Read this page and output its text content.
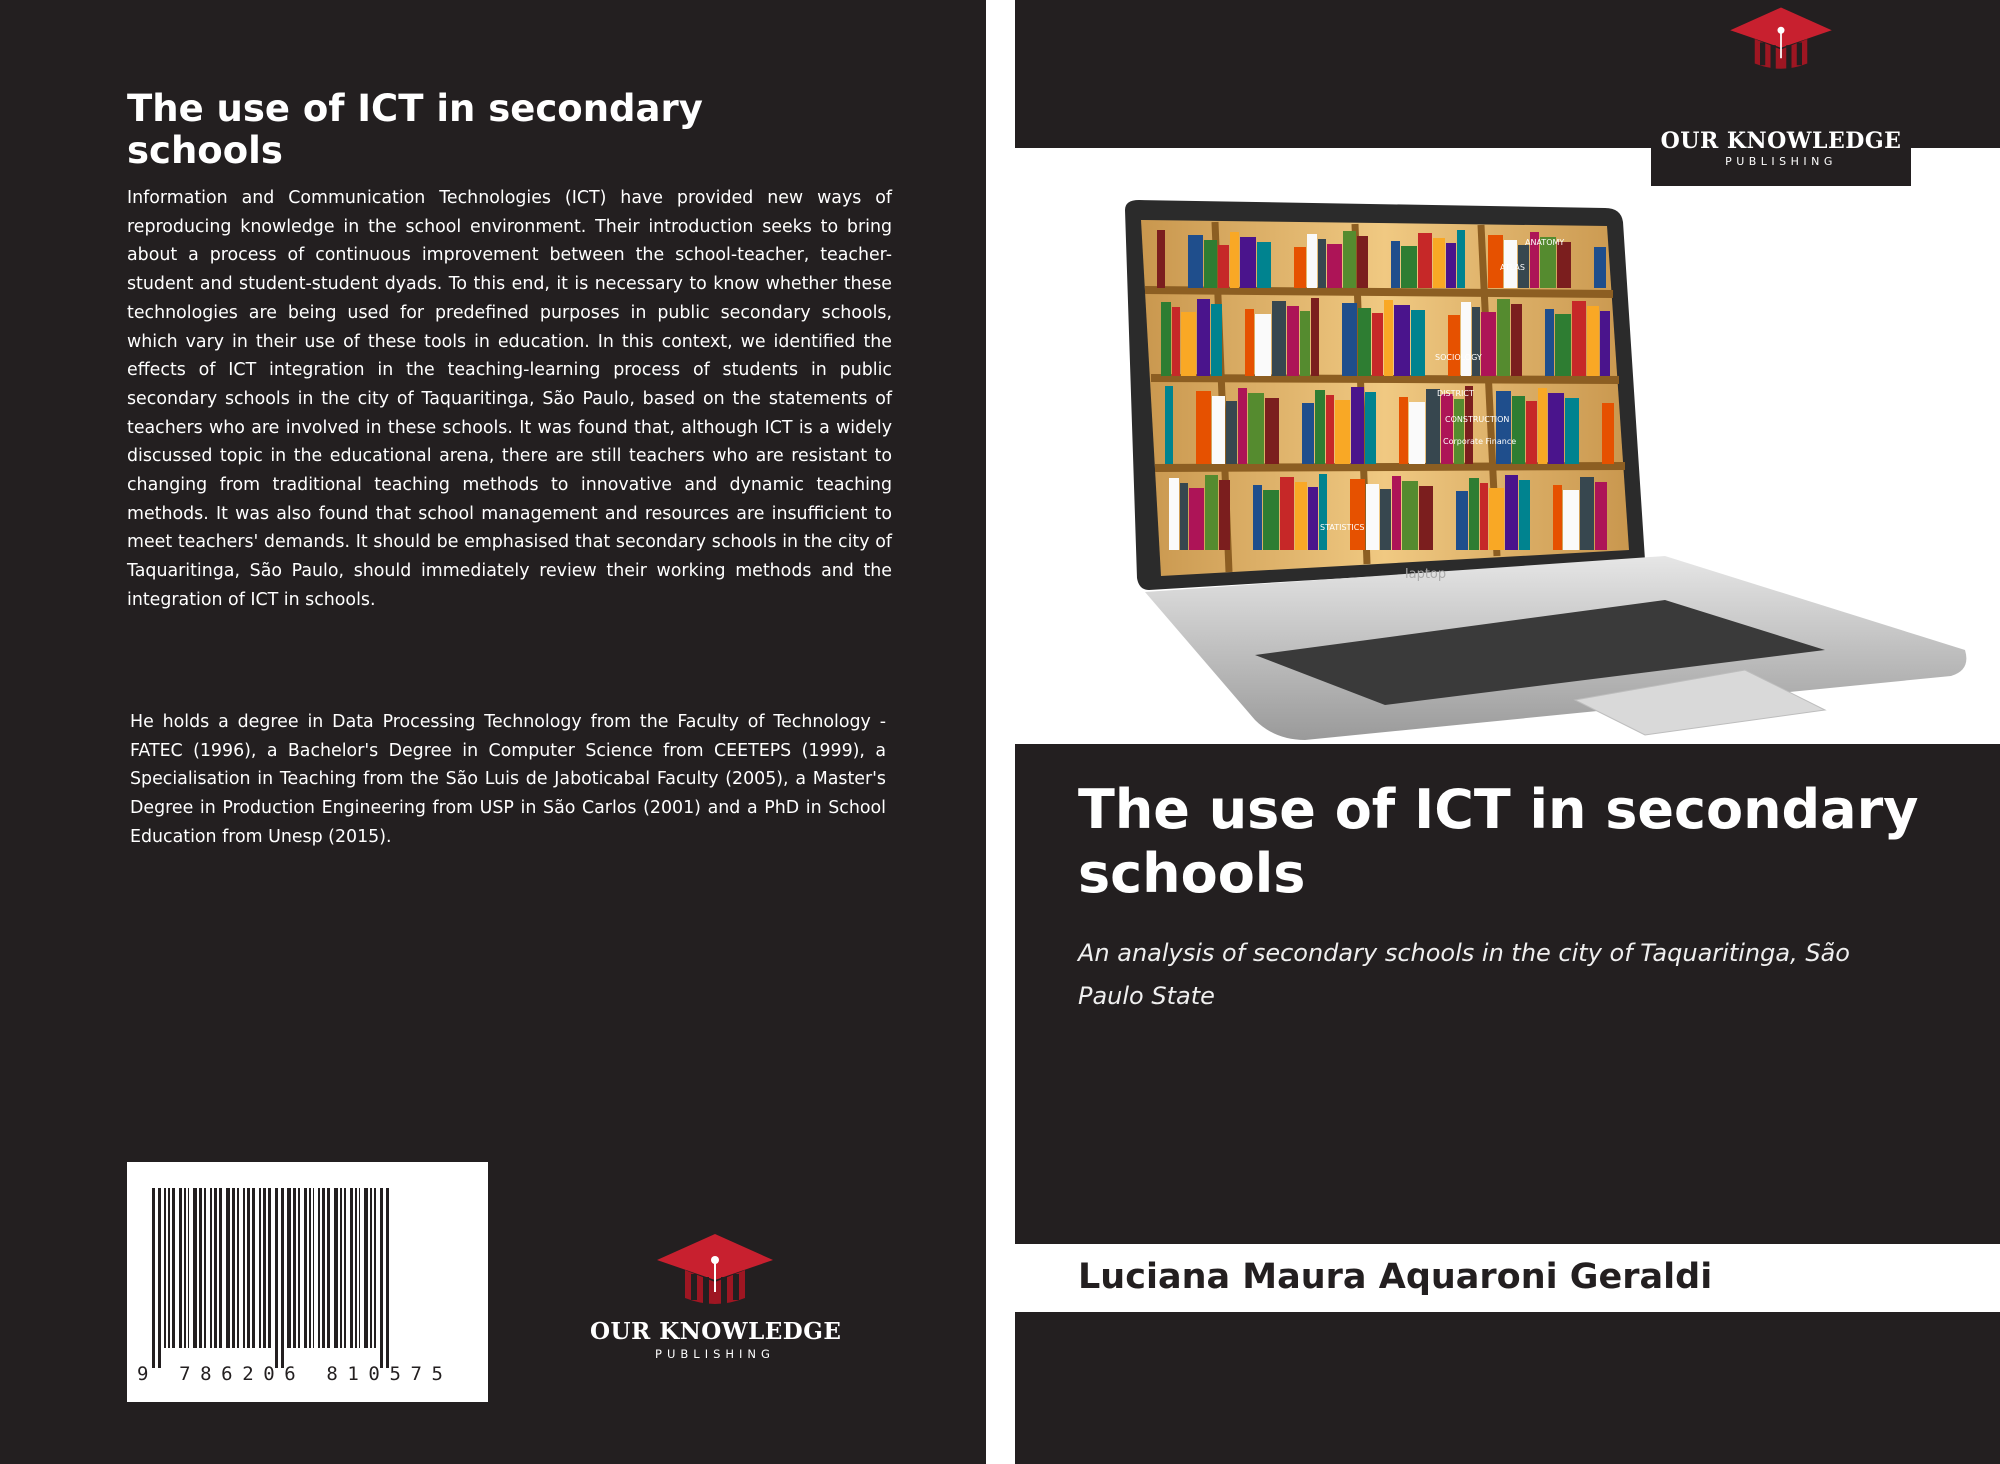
The use of ICT in secondary schools

Information and Communication Technologies (ICT) have provided new ways of reproducing knowledge in the school environment. Their introduction seeks to bring about a process of continuous improvement between the school-teacher, teacher-student and student-student dyads. To this end, it is necessary to know whether these technologies are being used for predefined purposes in public secondary schools, which vary in their use of these tools in education. In this context, we identified the effects of ICT integration in the teaching-learning process of students in public secondary schools in the city of Taquaritinga, São Paulo, based on the statements of teachers who are involved in these schools. It was found that, although ICT is a widely discussed topic in the educational arena, there are still teachers who are resistant to changing from traditional teaching methods to innovative and dynamic teaching methods. It was also found that school management and resources are insufficient to meet teachers' demands. It should be emphasised that secondary schools in the city of Taquaritinga, São Paulo, should immediately review their working methods and the integration of ICT in schools.

He holds a degree in Data Processing Technology from the Faculty of Technology - FATEC (1996), a Bachelor's Degree in Computer Science from CEETEPS (1999), a Specialisation in Teaching from the São Luis de Jaboticabal Faculty (2005), a Master's Degree in Production Engineering from USP in São Carlos (2001) and a PhD in School Education from Unesp (2015).

9 786206 810575
OUR KNOWLEDGE
PUBLISHING
ANATOMY
ATLAS
SOCIOLOGY
CONSTRUCTION
DISTRICT
Corporate Finance
STATISTICS
laptop
OUR KNOWLEDGE
PUBLISHING
The use of ICT in secondary schools

An analysis of secondary schools in the city of Taquaritinga, São Paulo State

Luciana Maura Aquaroni Geraldi
